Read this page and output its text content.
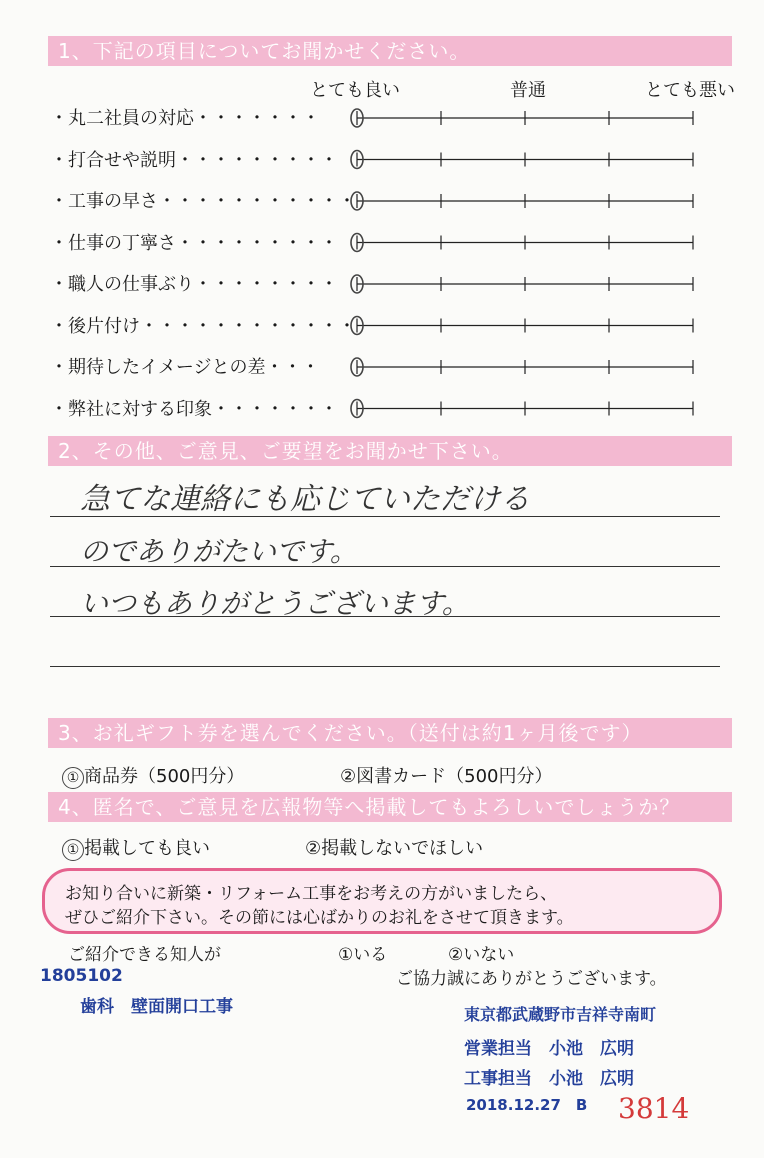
1、下記の項目についてお聞かせください。
とても良い	普通	とても悪い
・丸二社員の対応・・・・・・・
・打合せや説明・・・・・・・・・
・工事の早さ・・・・・・・・・・・
・仕事の丁寧さ・・・・・・・・・
・職人の仕事ぶり・・・・・・・・
・後片付け・・・・・・・・・・・・
・期待したイメージとの差・・・
・弊社に対する印象・・・・・・・
2、その他、ご意見、ご要望をお聞かせ下さい。
急てな連絡にも応じていただける
のでありがたいです。
いつもありがとうございます。
3、お礼ギフト券を選んでください。（送付は約1ヶ月後です）
① 商品券（500円分）	②図書カード（500円分）
4、匿名で、ご意見を広報物等へ掲載してもよろしいでしょうか？
① 掲載しても良い	②掲載しないでほしい
お知り合いに新築・リフォーム工事をお考えの方がいましたら、
ぜひご紹介下さい。その節には心ばかりのお礼をさせて頂きます。
ご紹介できる知人が	①いる	②いない
ご協力誠にありがとうございます。
1805102
歯科　壁面開口工事	東京都武蔵野市吉祥寺南町
営業担当　小池　広明
工事担当　小池　広明
2018.12.27　B 3814
